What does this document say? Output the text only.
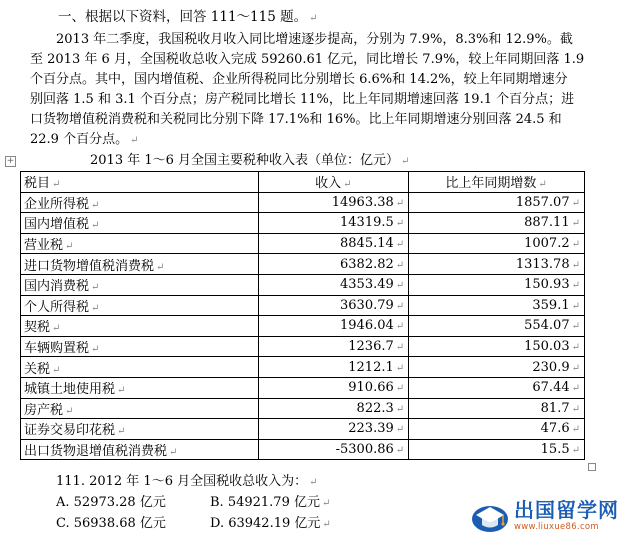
一、根据以下资料，回答 111～115 题。 ↵
2013 年二季度，我国税收月收入同比增速逐步提高，分别为 7.9%，8.3%和 12.9%。截
至 2013 年 6 月，全国税收总收入完成 59260.61 亿元，同比增长 7.9%，较上年同期回落 1.9
个百分点。其中，国内增值税、企业所得税同比分别增长 6.6%和 14.2%，较上年同期增速分
别回落 1.5 和 3.1 个百分点；房产税同比增长 11%，比上年同期增速回落 19.1 个百分点；进
口货物增值税消费税和关税同比分别下降 17.1%和 16%。比上年同期增速分别回落 24.5 和
22.9 个百分点。 ↵
+	2013 年 1～6 月全国主要税种收入表（单位：亿元） ↵
税目 ↵	收入 ↵	比上年同期增数 ↵
企业所得税 ↵	14963.38 ↵	1857.07 ↵
国内增值税 ↵	14319.5 ↵	887.11 ↵
营业税 ↵	8845.14 ↵	1007.2 ↵
进口货物增值税消费税 ↵	6382.82 ↵	1313.78 ↵
国内消费税 ↵	4353.49 ↵	150.93 ↵
个人所得税 ↵	3630.79 ↵	359.1 ↵
契税 ↵	1946.04 ↵	554.07 ↵
车辆购置税 ↵	1236.7 ↵	150.03 ↵
关税 ↵	1212.1 ↵	230.9 ↵
城镇土地使用税 ↵	910.66 ↵	67.44 ↵
房产税 ↵	822.3 ↵	81.7 ↵
证券交易印花税 ↵	223.39 ↵	47.6 ↵
出口货物退增值税消费税 ↵	-5300.86 ↵	15.5 ↵
111. 2012 年 1～6 月全国税收总收入为： ↵
A. 52973.28 亿元	B. 54921.79 亿元 ↵
C. 56938.68 亿元	D. 63942.19 亿元 ↵
出国留学网
www.liuxue86.com
